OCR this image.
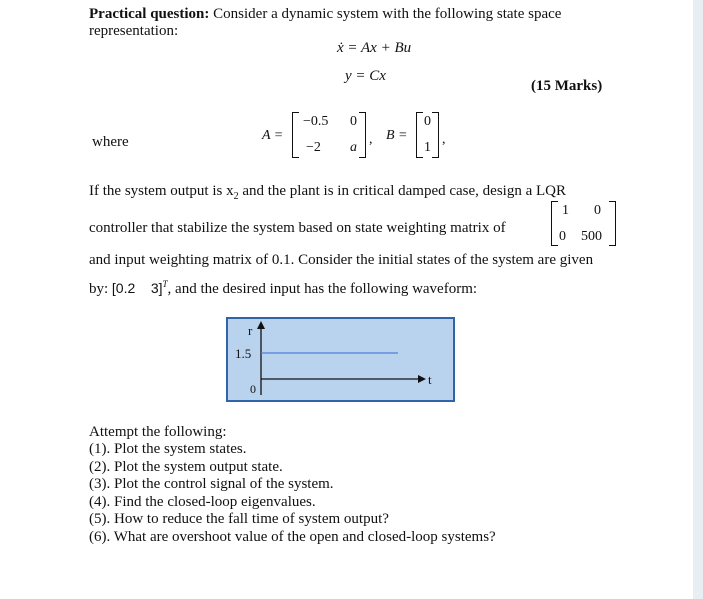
Practical question: Consider a dynamic system with the following state space
representation:
ẋ = Ax + Bu
y = Cx
(15 Marks)
where	A =
−0.5 0
−2 a
, B =
0
1
,
If the system output is $x_2$ and the plant is in critical damped case, design a LQR
controller that stabilize the system based on state weighting matrix of
1 0
0 500
and input weighting matrix of 0.1. Consider the initial states of the system are given
by: [0.2    3]$^T$, and the desired input has the following waveform:
r
t
1.5
0
Attempt the following:
(1). Plot the system states.
(2). Plot the system output state.
(3). Plot the control signal of the system.
(4). Find the closed-loop eigenvalues.
(5). How to reduce the fall time of system output?
(6). What are overshoot value of the open and closed-loop systems?
